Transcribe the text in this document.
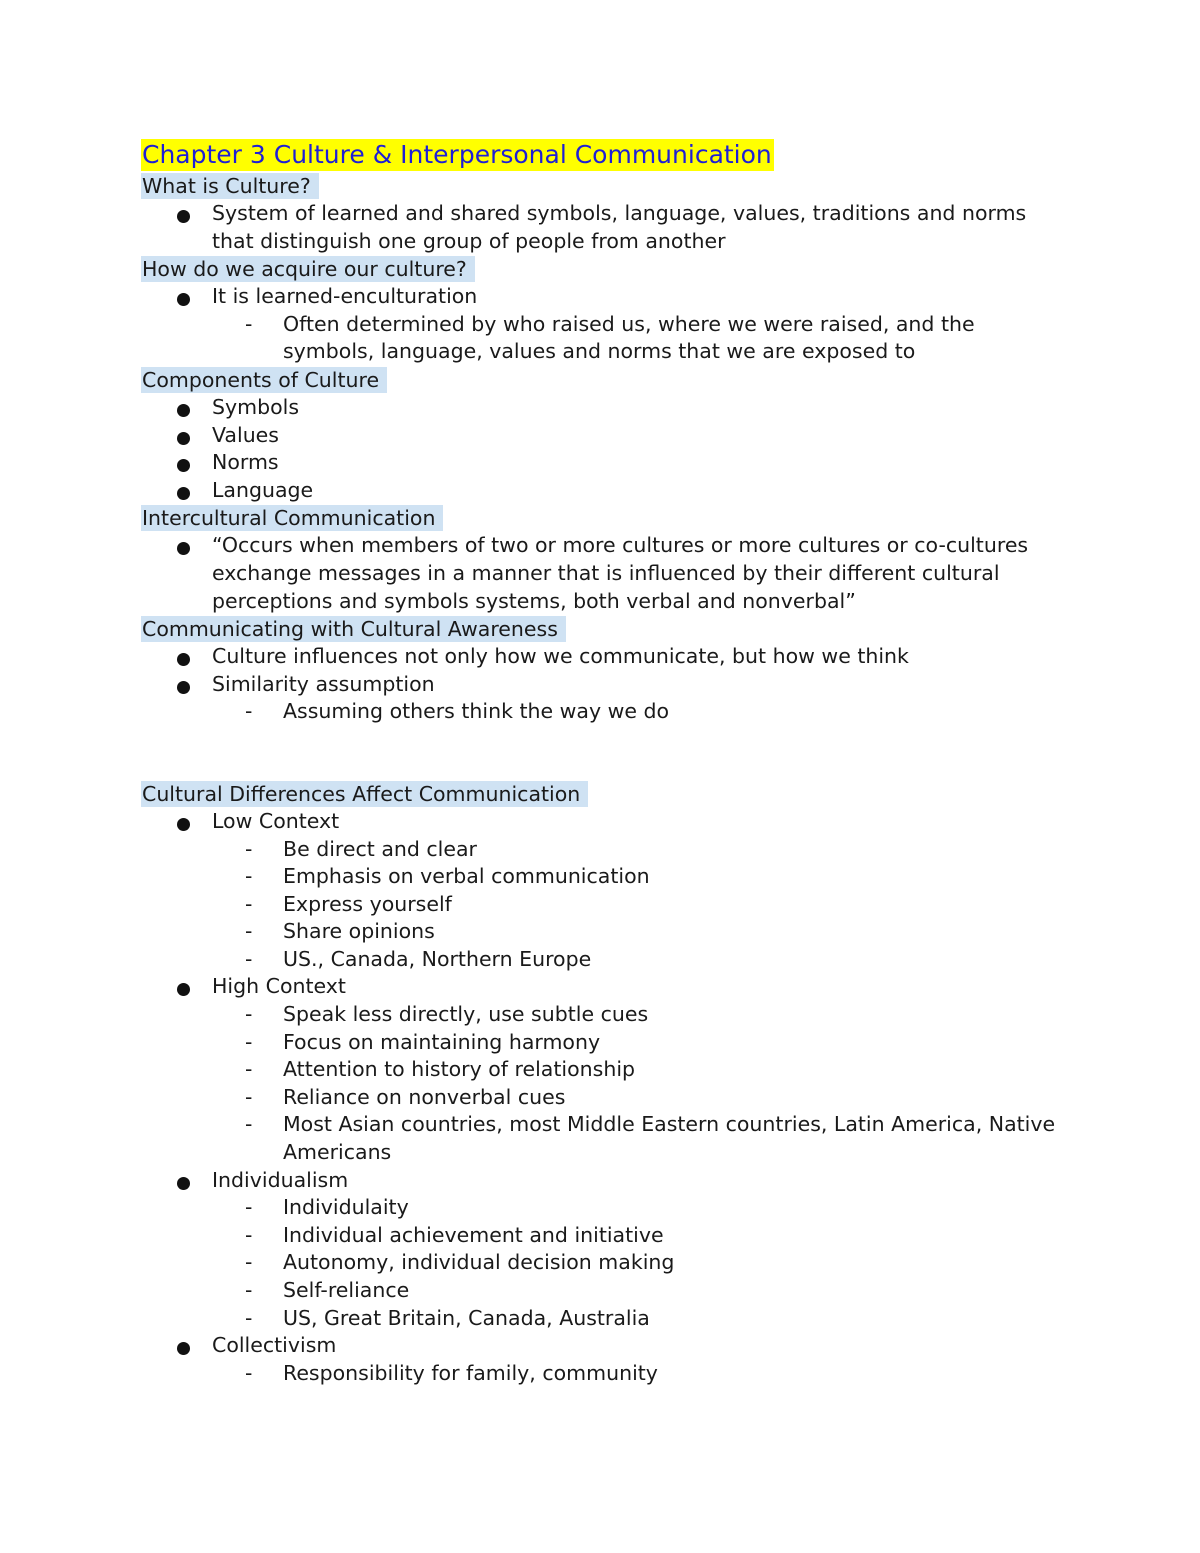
Chapter 3 Culture & Interpersonal Communication
What is Culture?
System of learned and shared symbols, language, values, traditions and norms that distinguish one group of people from another
How do we acquire our culture?
It is learned-enculturation
- Often determined by who raised us, where we were raised, and the symbols, language, values and norms that we are exposed to
Components of Culture
Symbols
Values
Norms
Language
Intercultural Communication
“Occurs when members of two or more cultures or more cultures or co-cultures exchange messages in a manner that is influenced by their different cultural perceptions and symbols systems, both verbal and nonverbal”
Communicating with Cultural Awareness
Culture influences not only how we communicate, but how we think
Similarity assumption
- Assuming others think the way we do
Cultural Differences Affect Communication
Low Context
- Be direct and clear
- Emphasis on verbal communication
- Express yourself
- Share opinions
- US., Canada, Northern Europe
High Context
- Speak less directly, use subtle cues
- Focus on maintaining harmony
- Attention to history of relationship
- Reliance on nonverbal cues
- Most Asian countries, most Middle Eastern countries, Latin America, Native Americans
Individualism
- Individulaity
- Individual achievement and initiative
- Autonomy, individual decision making
- Self-reliance
- US, Great Britain, Canada, Australia
Collectivism
- Responsibility for family, community
